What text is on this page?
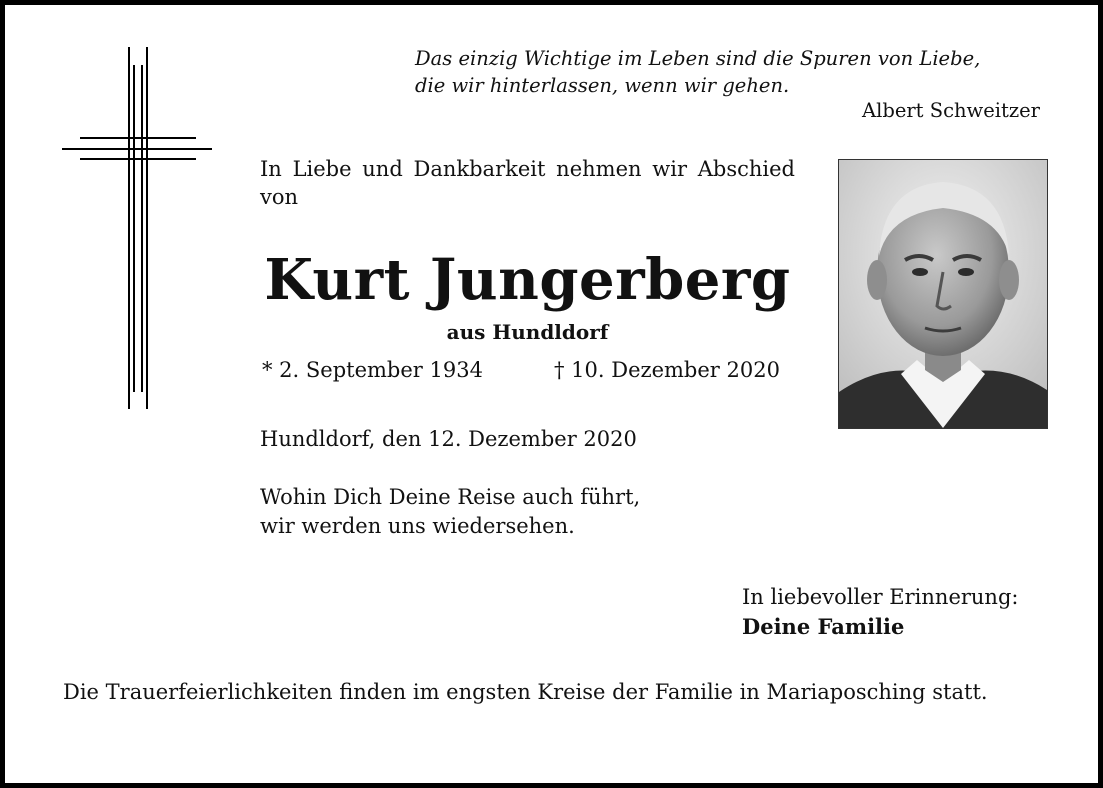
Das einzig Wichtige im Leben sind die Spuren von Liebe,
die wir hinterlassen, wenn wir gehen.
Albert Schweitzer
In Liebe und Dankbarkeit nehmen wir Abschied von
Kurt Jungerberg
aus Hundldorf
* 2. September 1934	† 10. Dezember 2020
Hundldorf, den 12. Dezember 2020
Wohin Dich Deine Reise auch führt,
wir werden uns wiedersehen.
In liebevoller Erinnerung:
Deine Familie
Die Trauerfeierlichkeiten finden im engsten Kreise der Familie in Mariaposching statt.
